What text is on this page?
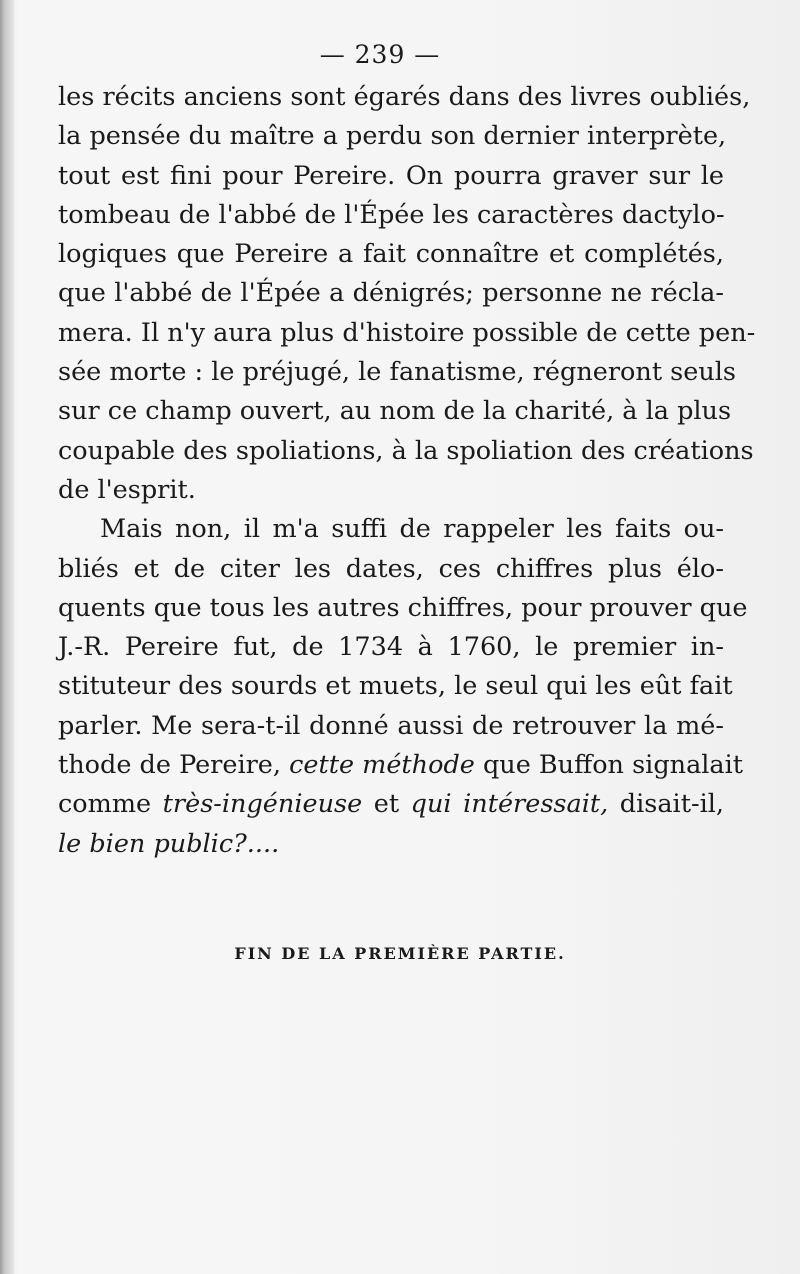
— 239 —
les récits anciens sont égarés dans des livres oubliés,
la pensée du maître a perdu son dernier interprète,
tout est fini pour Pereire. On pourra graver sur le
tombeau de l'abbé de l'Épée les caractères dactylo-
logiques que Pereire a fait connaître et complétés,
que l'abbé de l'Épée a dénigrés; personne ne récla-
mera. Il n'y aura plus d'histoire possible de cette pen-
sée morte : le préjugé, le fanatisme, régneront seuls
sur ce champ ouvert, au nom de la charité, à la plus
coupable des spoliations, à la spoliation des créations
de l'esprit.
Mais non, il m'a suffi de rappeler les faits ou-
bliés et de citer les dates, ces chiffres plus élo-
quents que tous les autres chiffres, pour prouver que
J.-R. Pereire fut, de 1734 à 1760, le premier in-
stituteur des sourds et muets, le seul qui les eût fait
parler. Me sera-t-il donné aussi de retrouver la mé-
thode de Pereire, cette méthode que Buffon signalait
comme très-ingénieuse et qui intéressait, disait-il,
le bien public?....
FIN DE LA PREMIÈRE PARTIE.
